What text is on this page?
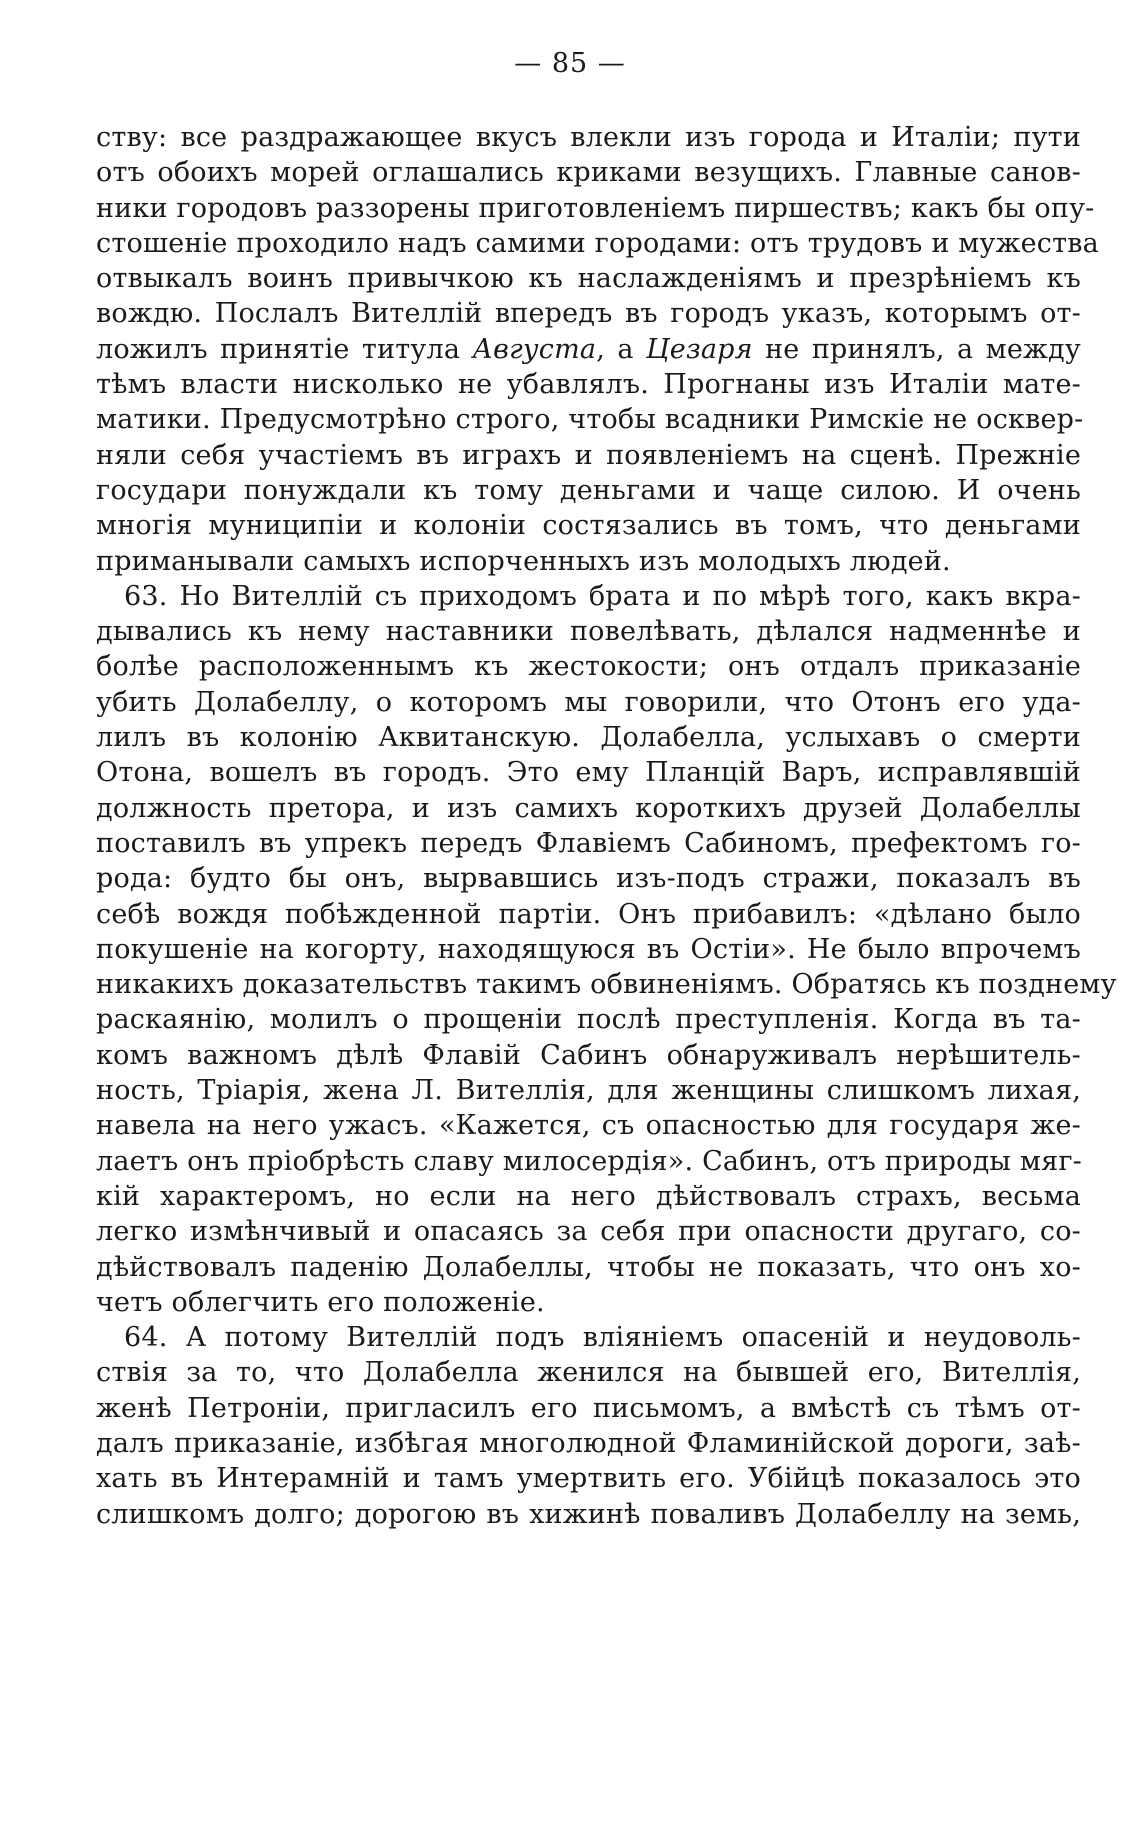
— 85 —
ству: все раздражающее вкусъ влекли изъ города и Италіи; пути
отъ обоихъ морей оглашались криками везущихъ. Главные санов-
ники городовъ раззорены приготовленіемъ пиршествъ; какъ бы опу-
стошеніе проходило надъ самими городами: отъ трудовъ и мужества
отвыкалъ воинъ привычкою къ наслажденіямъ и презрѣніемъ къ
вождю. Послалъ Вителлій впередъ въ городъ указъ, которымъ от-
ложилъ принятіе титула Августа, а Цезаря не принялъ, а между
тѣмъ власти нисколько не убавлялъ. Прогнаны изъ Италіи мате-
матики. Предусмотрѣно строго, чтобы всадники Римскіе не осквер-
няли себя участіемъ въ играхъ и появленіемъ на сценѣ. Прежніе
государи понуждали къ тому деньгами и чаще силою. И очень
многія муниципіи и колоніи состязались въ томъ, что деньгами
приманывали самыхъ испорченныхъ изъ молодыхъ людей.
63. Но Вителлій съ приходомъ брата и по мѣрѣ того, какъ вкра-
дывались къ нему наставники повелѣвать, дѣлался надменнѣе и
болѣе расположеннымъ къ жестокости; онъ отдалъ приказаніе
убить Долабеллу, о которомъ мы говорили, что Отонъ его уда-
лилъ въ колонію Аквитанскую. Долабелла, услыхавъ о смерти
Отона, вошелъ въ городъ. Это ему Планцій Варъ, исправлявшій
должность претора, и изъ самихъ короткихъ друзей Долабеллы
поставилъ въ упрекъ передъ Флавіемъ Сабиномъ, префектомъ го-
рода: будто бы онъ, вырвавшись изъ-подъ стражи, показалъ въ
себѣ вождя побѣжденной партіи. Онъ прибавилъ: «дѣлано было
покушеніе на когорту, находящуюся въ Остіи». Не было впрочемъ
никакихъ доказательствъ такимъ обвиненіямъ. Обратясь къ позднему
раскаянію, молилъ о прощеніи послѣ преступленія. Когда въ та-
комъ важномъ дѣлѣ Флавій Сабинъ обнаруживалъ нерѣшитель-
ность, Тріарія, жена Л. Вителлія, для женщины слишкомъ лихая,
навела на него ужасъ. «Кажется, съ опасностью для государя же-
лаетъ онъ пріобрѣсть славу милосердія». Сабинъ, отъ природы мяг-
кій характеромъ, но если на него дѣйствовалъ страхъ, весьма
легко измѣнчивый и опасаясь за себя при опасности другаго, со-
дѣйствовалъ паденію Долабеллы, чтобы не показать, что онъ хо-
четъ облегчить его положеніе.
64. А потому Вителлій подъ вліяніемъ опасеній и неудоволь-
ствія за то, что Долабелла женился на бывшей его, Вителлія,
женѣ Петроніи, пригласилъ его письмомъ, а вмѣстѣ съ тѣмъ от-
далъ приказаніе, избѣгая многолюдной Фламинійской дороги, заѣ-
хать въ Интерамній и тамъ умертвить его. Убійцѣ показалось это
слишкомъ долго; дорогою въ хижинѣ поваливъ Долабеллу на земь,
